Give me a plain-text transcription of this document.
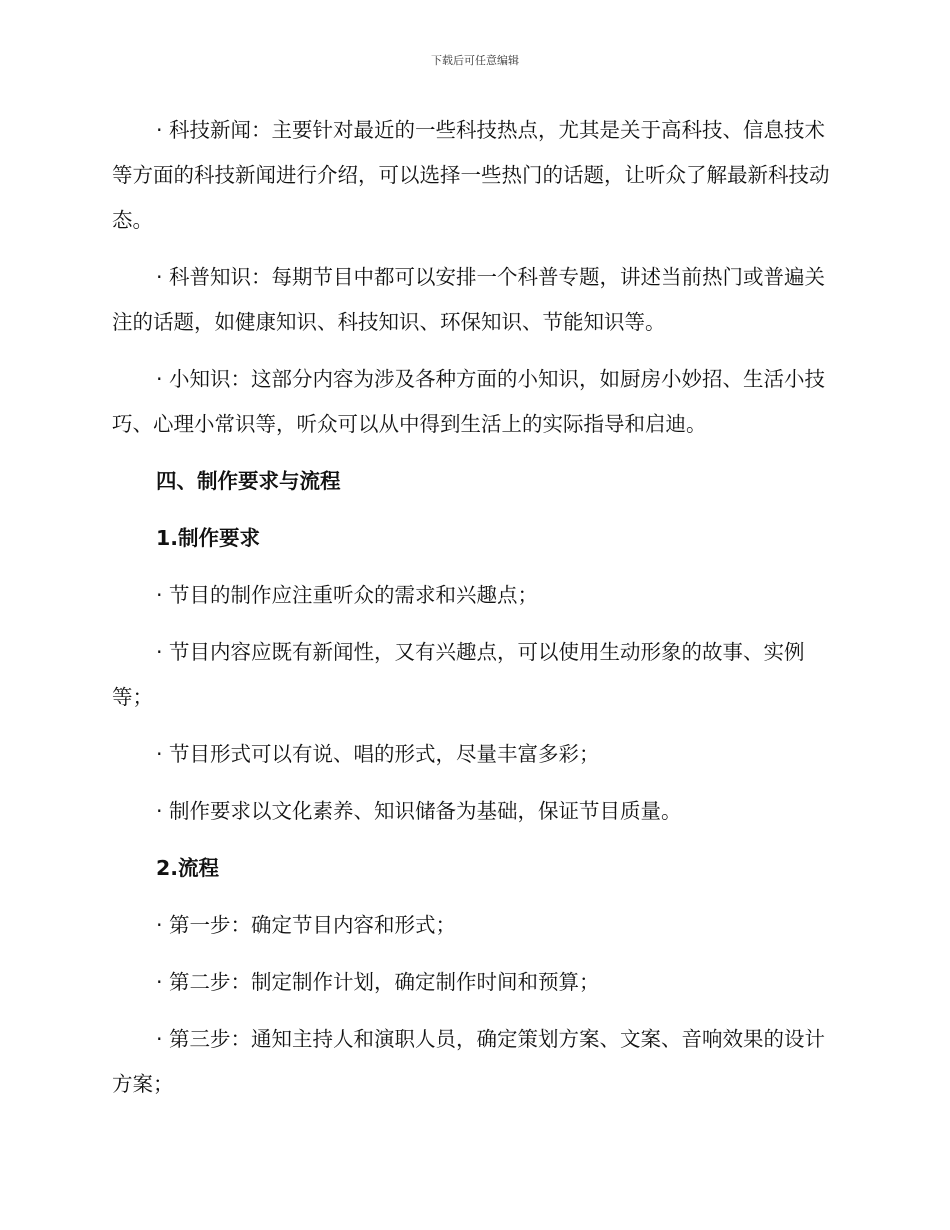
下载后可任意编辑

· 科技新闻：主要针对最近的一些科技热点，尤其是关于高科技、信息技术等方面的科技新闻进行介绍，可以选择一些热门的话题，让听众了解最新科技动态。

· 科普知识：每期节目中都可以安排一个科普专题，讲述当前热门或普遍关注的话题，如健康知识、科技知识、环保知识、节能知识等。

· 小知识：这部分内容为涉及各种方面的小知识，如厨房小妙招、生活小技巧、心理小常识等，听众可以从中得到生活上的实际指导和启迪。

四、制作要求与流程

1.制作要求

· 节目的制作应注重听众的需求和兴趣点；

· 节目内容应既有新闻性，又有兴趣点，可以使用生动形象的故事、实例等；

· 节目形式可以有说、唱的形式，尽量丰富多彩；

· 制作要求以文化素养、知识储备为基础，保证节目质量。

2.流程

· 第一步：确定节目内容和形式；

· 第二步：制定制作计划，确定制作时间和预算；

· 第三步：通知主持人和演职人员，确定策划方案、文案、音响效果的设计方案；
